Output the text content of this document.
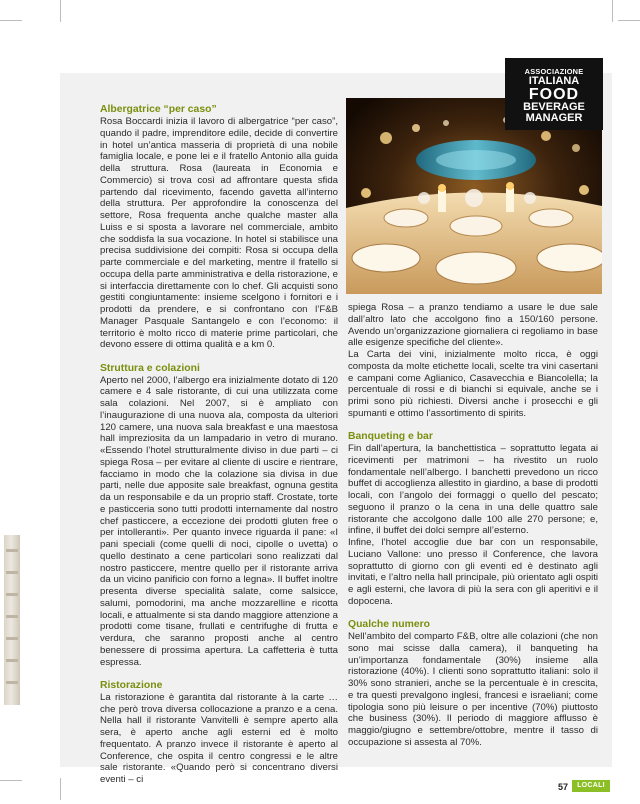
ASSOCIAZIONE
ITALIANA
FOOD
BEVERAGE
MANAGER
Albergatrice “per caso”

Rosa Boccardi inizia il lavoro di albergatrice “per caso”, quando il padre, imprenditore edile, decide di convertire in hotel un’antica masseria di proprietà di una nobile famiglia locale, e pone lei e il fratello Antonio alla guida della struttura. Rosa (laureata in Economia e Commercio) si trova così ad affrontare questa sfida partendo dal ricevimento, facendo gavetta all’interno della struttura. Per approfondire la conoscenza del settore, Rosa frequenta anche qualche master alla Luiss e si sposta a lavorare nel commerciale, ambito che soddisfa la sua vocazione. In hotel si stabilisce una precisa suddivisione dei compiti: Rosa si occupa della parte commerciale e del marketing, mentre il fratello si occupa della parte amministrativa e della ristorazione, e si interfaccia direttamente con lo chef. Gli acquisti sono gestiti congiuntamente: insieme scelgono i fornitori e i prodotti da prendere, e si confrontano con l’F&B Manager Pasquale Santangelo e con l’economo: il territorio è molto ricco di materie prime particolari, che devono essere di ottima qualità e a km 0.

Struttura e colazioni

Aperto nel 2000, l’albergo era inizialmente dotato di 120 camere e 4 sale ristorante, di cui una utilizzata come sala colazioni. Nel 2007, si è ampliato con l’inaugurazione di una nuova ala, composta da ulteriori 120 camere, una nuova sala breakfast e una maestosa hall impreziosita da un lampadario in vetro di murano. «Essendo l’hotel strutturalmente diviso in due parti – ci spiega Rosa – per evitare al cliente di uscire e rientrare, facciamo in modo che la colazione sia divisa in due parti, nelle due apposite sale breakfast, ognuna gestita da un responsabile e da un proprio staff. Crostate, torte e pasticceria sono tutti prodotti internamente dal nostro chef pasticcere, a eccezione dei prodotti gluten free o per intolleranti». Per quanto invece riguarda il pane: «I pani speciali (come quelli di noci, cipolle o uvetta) o quello destinato a cene particolari sono realizzati dal nostro pasticcere, mentre quello per il ristorante arriva da un vicino panificio con forno a legna». Il buffet inoltre presenta diverse specialità salate, come salsicce, salumi, pomodorini, ma anche mozzarelline e ricotta locali, e attualmente si sta dando maggiore attenzione a prodotti come tisane, frullati e centrifughe di frutta e verdura, che saranno proposti anche al centro benessere di prossima apertura. La caffetteria è tutta espressa.

Ristorazione

La ristorazione è garantita dal ristorante à la carte … che però trova diversa collocazione a pranzo e a cena. Nella hall il ristorante Vanvitelli è sempre aperto alla sera, è aperto anche agli esterni ed è molto frequentato. A pranzo invece il ristorante è aperto al Conference, che ospita il centro congressi e le altre sale ristorante. «Quando però si concentrano diversi eventi – ci

spiega Rosa – a pranzo tendiamo a usare le due sale dall’altro lato che accolgono fino a 150/160 persone. Avendo un’organizzazione giornaliera ci regoliamo in base alle esigenze specifiche del cliente».

La Carta dei vini, inizialmente molto ricca, è oggi composta da molte etichette locali, scelte tra vini casertani e campani come Aglianico, Casavecchia e Biancolella; la percentuale di rossi e di bianchi si equivale, anche se i primi sono più richiesti. Diversi anche i prosecchi e gli spumanti e ottimo l’assortimento di spirits.

Banqueting e bar

Fin dall’apertura, la banchettistica – soprattutto legata ai ricevimenti per matrimoni – ha rivestito un ruolo fondamentale nell’albergo. I banchetti prevedono un ricco buffet di accoglienza allestito in giardino, a base di prodotti locali, con l’angolo dei formaggi o quello del pescato; seguono il pranzo o la cena in una delle quattro sale ristorante che accolgono dalle 100 alle 270 persone; e, infine, il buffet dei dolci sempre all’esterno.

Infine, l’hotel accoglie due bar con un responsabile, Luciano Vallone: uno presso il Conference, che lavora soprattutto di giorno con gli eventi ed è destinato agli invitati, e l’altro nella hall principale, più orientato agli ospiti e agli esterni, che lavora di più la sera con gli aperitivi e il dopocena.

Qualche numero

Nell’ambito del comparto F&B, oltre alle colazioni (che non sono mai scisse dalla camera), il banqueting ha un’importanza fondamentale (30%) insieme alla ristorazione (40%). I clienti sono soprattutto italiani: solo il 30% sono stranieri, anche se la percentuale è in crescita, e tra questi prevalgono inglesi, francesi e israeliani; come tipologia sono più leisure o per incentive (70%) piuttosto che business (30%). Il periodo di maggiore afflusso è maggio/giugno e settembre/ottobre, mentre il tasso di occupazione si assesta al 70%.

57	LOCALI TOP
